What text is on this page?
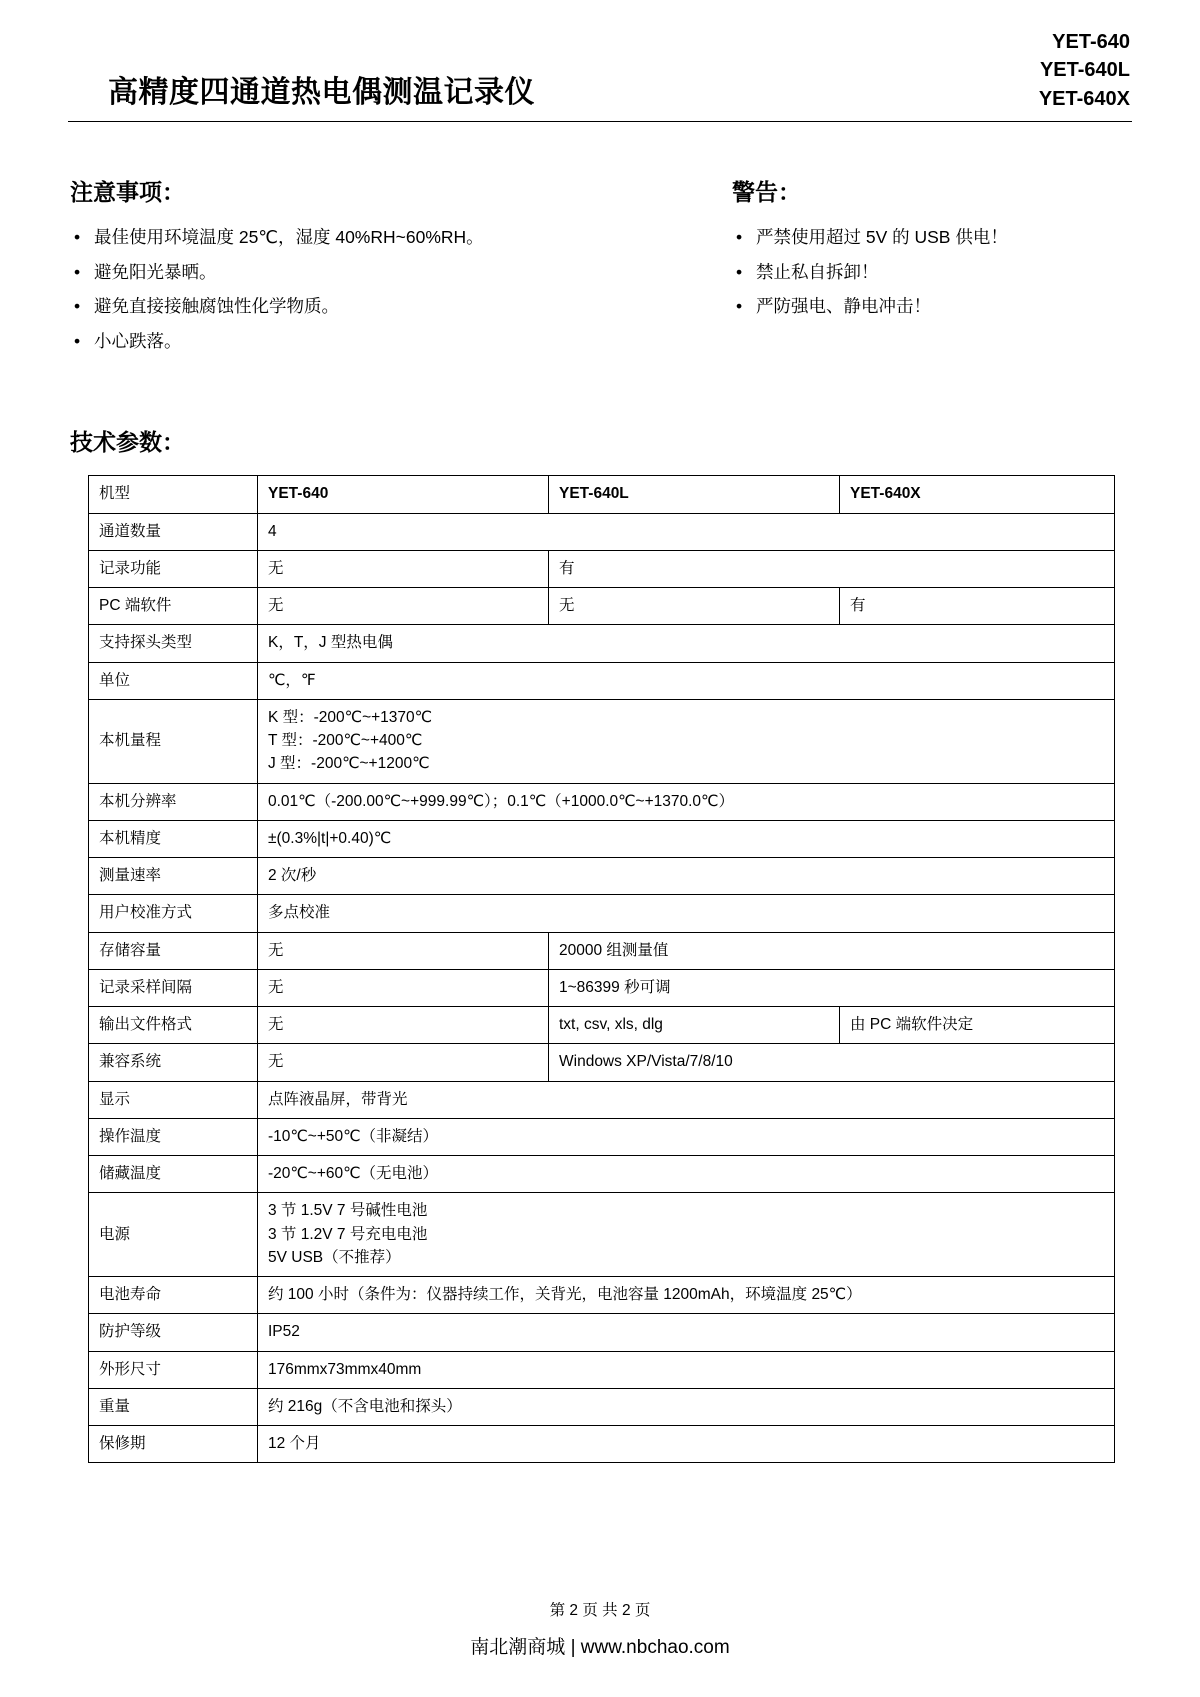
高精度四通道热电偶测温记录仪
YET-640
YET-640L
YET-640X
注意事项：
• 最佳使用环境温度 25℃，湿度 40%RH~60%RH。
• 避免阳光暴晒。
• 避免直接接触腐蚀性化学物质。
• 小心跌落。
警告：
• 严禁使用超过 5V 的 USB 供电！
• 禁止私自拆卸！
• 严防强电、静电冲击！
技术参数：
机型	YET-640	YET-640L	YET-640X
通道数量	4		
记录功能	无	有	
PC 端软件	无	无	有
支持探头类型	K，T，J 型热电偶		
单位	℃，℉		
本机量程	K 型：-200℃~+1370℃
T 型：-200℃~+400℃
J 型：-200℃~+1200℃		

本机分辨率	0.01℃（-200.00℃~+999.99℃）；0.1℃（+1000.0℃~+1370.0℃）		
本机精度	±(0.3%|t|+0.40)℃		
测量速率	2 次/秒		
用户校准方式	多点校准		
存储容量	无	20000 组测量值	
记录采样间隔	无	1~86399 秒可调	
输出文件格式	无	txt, csv, xls, dlg	由 PC 端软件决定
兼容系统	无	Windows XP/Vista/7/8/10	
显示	点阵液晶屏，带背光		
操作温度	-10℃~+50℃（非凝结）		
储藏温度	-20℃~+60℃（无电池）		
电源	3 节 1.5V 7 号碱性电池
3 节 1.2V 7 号充电电池
5V USB（不推荐）		

电池寿命	约 100 小时（条件为：仪器持续工作，关背光，电池容量 1200mAh，环境温度 25℃）		
防护等级	IP52		
外形尺寸	176mmx73mmx40mm		
重量	约 216g（不含电池和探头）		
保修期	12 个月		
第 2 页 共 2 页
南北潮商城 | www.nbchao.com
